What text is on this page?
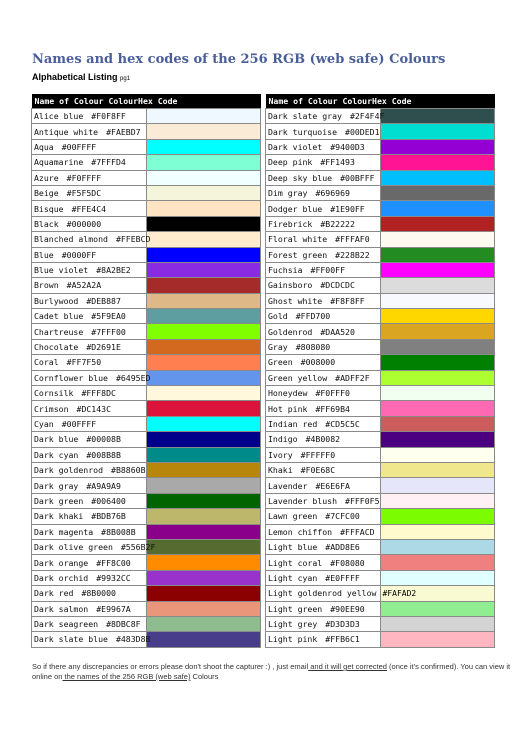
Names and hex codes of the 256 RGB (web safe) Colours
Alphabetical Listing pg1
Name of Colour ColourHex Code	
Alice blue #F0F8FF	
Antique white #FAEBD7	
Aqua #00FFFF	
Aquamarine #7FFFD4	
Azure #F0FFFF	
Beige #F5F5DC	
Bisque #FFE4C4	
Black #000000	
Blanched almond #FFEBCD	
Blue #0000FF	
Blue violet #8A2BE2	
Brown #A52A2A	
Burlywood #DEB887	
Cadet blue #5F9EA0	
Chartreuse #7FFF00	
Chocolate #D2691E	
Coral #FF7F50	
Cornflower blue #6495ED	
Cornsilk #FFF8DC	
Crimson #DC143C	
Cyan #00FFFF	
Dark blue #00008B	
Dark cyan #008B8B	
Dark goldenrod #B8860B	
Dark gray #A9A9A9	
Dark green #006400	
Dark khaki #BDB76B	
Dark magenta #8B008B	
Dark olive green #556B2F	
Dark orange #FF8C00	
Dark orchid #9932CC	
Dark red #8B0000	
Dark salmon #E9967A	
Dark seagreen #8DBC8F	
Dark slate blue #483D8B	
Name of Colour ColourHex Code	
Dark slate gray #2F4F4F	
Dark turquoise #00DED1	
Dark violet #9400D3	
Deep pink #FF1493	
Deep sky blue #00BFFF	
Dim gray #696969	
Dodger blue #1E90FF	
Firebrick #B22222	
Floral white #FFFAF0	
Forest green #228B22	
Fuchsia #FF00FF	
Gainsboro #DCDCDC	
Ghost white #F8F8FF	
Gold #FFD700	
Goldenrod #DAA520	
Gray #808080	
Green #008000	
Green yellow #ADFF2F	
Honeydew #F0FFF0	
Hot pink #FF69B4	
Indian red #CD5C5C	
Indigo #4B0082	
Ivory #FFFFF0	
Khaki #F0E68C	
Lavender #E6E6FA	
Lavender blush #FFF0F5	
Lawn green #7CFC00	
Lemon chiffon #FFFACD	
Light blue #ADD8E6	
Light coral #F08080	
Light cyan #E0FFFF	
Light goldenrod yellow	#FAFAD2
Light green #90EE90	
Light grey #D3D3D3	
Light pink #FFB6C1	
So if there any discrepancies or errors please don't shoot the capturer :) , just email and it will get corrected (once it's confirmed). You can view it online on the names of the 256 RGB (web safe) Colours
